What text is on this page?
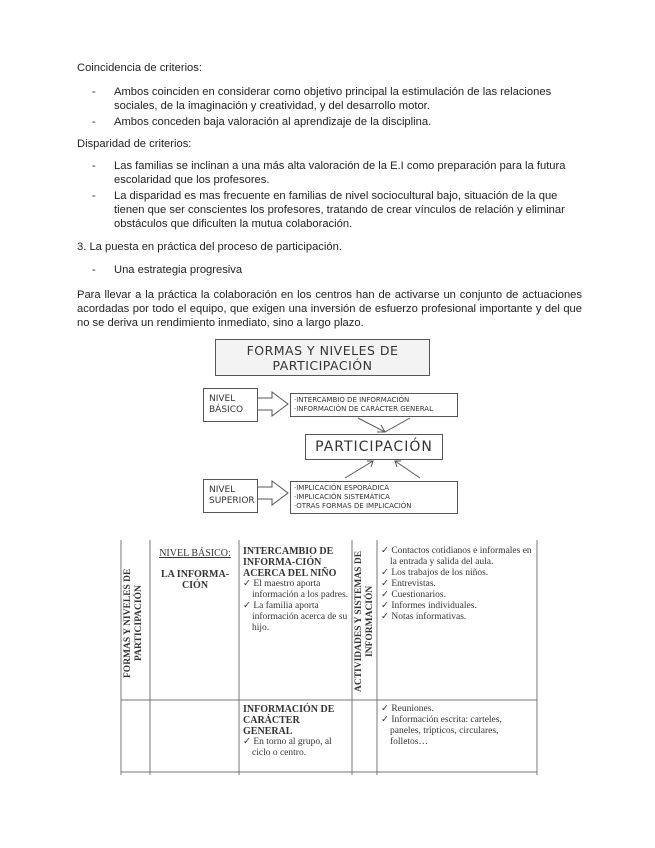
Coincidencia de criterios:

- Ambos coinciden en considerar como objetivo principal la estimulación de las relaciones sociales, de la imaginación y creatividad, y del desarrollo motor.
- Ambos conceden baja valoración al aprendizaje de la disciplina.

Disparidad de criterios:

- Las familias se inclinan a una más alta valoración de la E.I como preparación para la futura escolaridad que los profesores.
- La disparidad es mas frecuente en familias de nivel sociocultural bajo, situación de la que tienen que ser conscientes los profesores, tratando de crear vínculos de relación y eliminar obstáculos que dificulten la mutua colaboración.

3. La puesta en práctica del proceso de participación.

- Una estrategia progresiva

Para llevar a la práctica la colaboración en los centros han de activarse un conjunto de actuaciones acordadas por todo el equipo, que exigen una inversión de esfuerzo profesional importante y del que no se deriva un rendimiento inmediato, sino a largo plazo.

FORMAS Y NIVELES DE
PARTICIPACIÓN
NIVEL
BÁSICO
·INTERCAMBIO DE INFORMACIÓN
·INFORMACIÓN DE CARÁCTER GENERAL
PARTICIPACIÓN
NIVEL
SUPERIOR
·IMPLICACIÓN ESPORÁDICA
·IMPLICACIÓN SISTEMÁTICA
·OTRAS FORMAS DE IMPLICACIÓN
FORMAS Y NIVELES DE PARTICIPACIÓN
NIVEL BÁSICO:
LA INFORMA-CIÓN
INTERCAMBIO DE INFORMA-CIÓN ACERCA DEL NIÑO
✓ El maestro aporta información a los padres.
✓ La familia aporta información acerca de su hijo.	ACTIVIDADES Y SISTEMAS DE INFORMACIÓN
✓ Contactos cotidianos e informales en la entrada y salida del aula.
✓ Los trabajos de los niños.
✓ Entrevistas.
✓ Cuestionarios.
✓ Informes individuales.
✓ Notas informativas.
INFORMACIÓN DE CARÁCTER GENERAL
✓ En torno al grupo, al ciclo o centro.
✓ Reuniones.
✓ Información escrita: carteles, paneles, trípticos, circulares, folletos…
